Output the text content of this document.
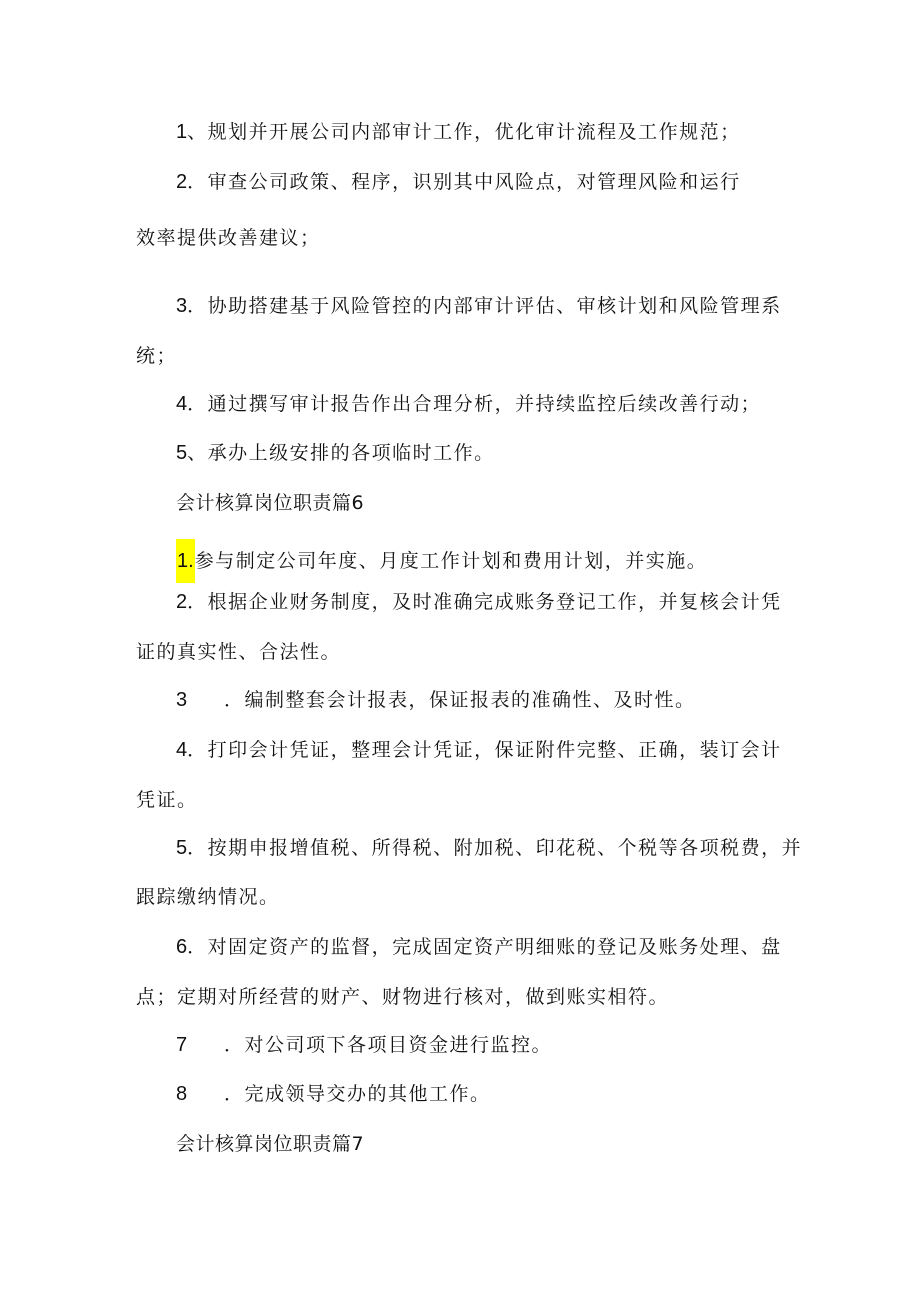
1、规划并开展公司内部审计工作，优化审计流程及工作规范；
2．审查公司政策、程序，识别其中风险点，对管理风险和运行
效率提供改善建议；
3．协助搭建基于风险管控的内部审计评估、审核计划和风险管理系
统；
4．通过撰写审计报告作出合理分析，并持续监控后续改善行动；
5、承办上级安排的各项临时工作。
会计核算岗位职责篇6
1.参与制定公司年度、月度工作计划和费用计划，并实施。
2．根据企业财务制度，及时准确完成账务登记工作，并复核会计凭
证的真实性、合法性。
3 ．编制整套会计报表，保证报表的准确性、及时性。
4．打印会计凭证，整理会计凭证，保证附件完整、正确，装订会计
凭证。
5．按期申报增值税、所得税、附加税、印花税、个税等各项税费，并
跟踪缴纳情况。
6．对固定资产的监督，完成固定资产明细账的登记及账务处理、盘
点；定期对所经营的财产、财物进行核对，做到账实相符。
7 ．对公司项下各项目资金进行监控。
8 ．完成领导交办的其他工作。
会计核算岗位职责篇7
